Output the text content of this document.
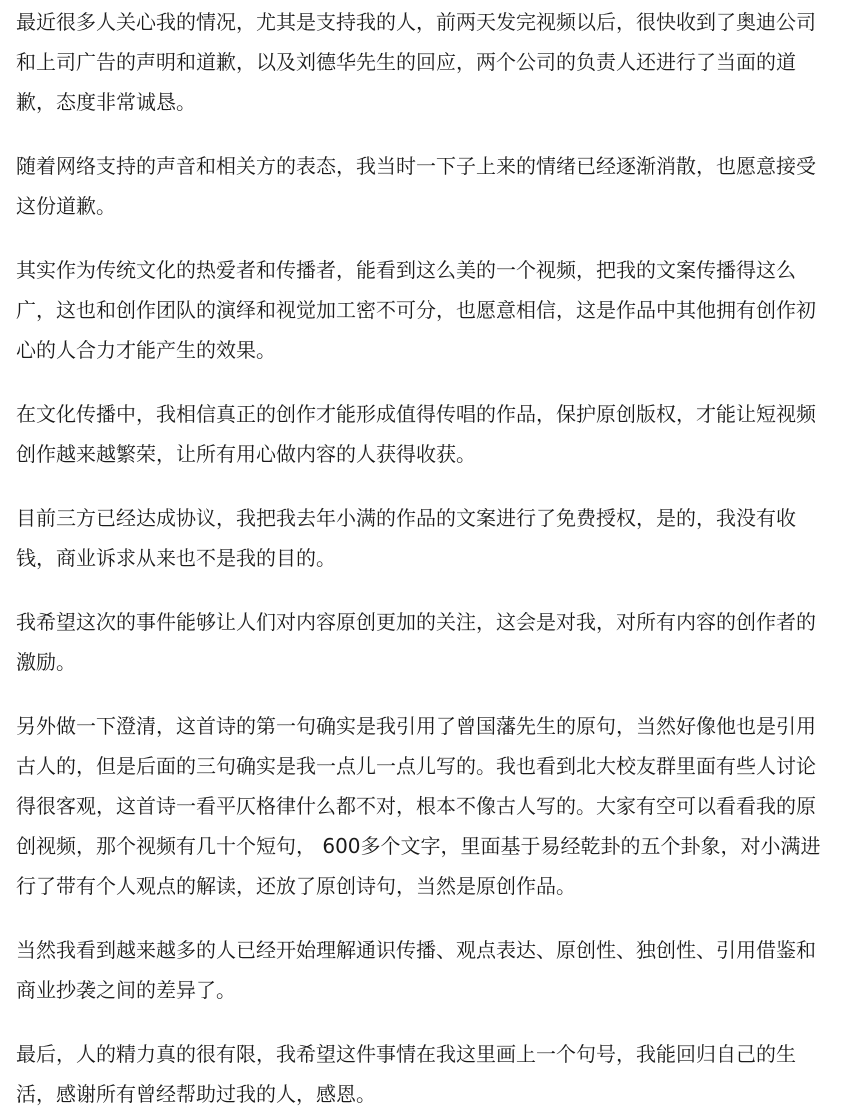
最近很多人关心我的情况，尤其是支持我的人，前两天发完视频以后，很快收到了奥迪公司和上司广告的声明和道歉，以及刘德华先生的回应，两个公司的负责人还进行了当面的道歉，态度非常诚恳。

随着网络支持的声音和相关方的表态，我当时一下子上来的情绪已经逐渐消散，也愿意接受这份道歉。

其实作为传统文化的热爱者和传播者，能看到这么美的一个视频，把我的文案传播得这么广，这也和创作团队的演绎和视觉加工密不可分，也愿意相信，这是作品中其他拥有创作初心的人合力才能产生的效果。

在文化传播中，我相信真正的创作才能形成值得传唱的作品，保护原创版权，才能让短视频创作越来越繁荣，让所有用心做内容的人获得收获。

目前三方已经达成协议，我把我去年小满的作品的文案进行了免费授权，是的，我没有收钱，商业诉求从来也不是我的目的。

我希望这次的事件能够让人们对内容原创更加的关注，这会是对我，对所有内容的创作者的激励。

另外做一下澄清，这首诗的第一句确实是我引用了曾国藩先生的原句，当然好像他也是引用古人的，但是后面的三句确实是我一点儿一点儿写的。我也看到北大校友群里面有些人讨论得很客观，这首诗一看平仄格律什么都不对，根本不像古人写的。大家有空可以看看我的原创视频，那个视频有几十个短句， 600多个文字，里面基于易经乾卦的五个卦象，对小满进行了带有个人观点的解读，还放了原创诗句，当然是原创作品。

当然我看到越来越多的人已经开始理解通识传播、观点表达、原创性、独创性、引用借鉴和商业抄袭之间的差异了。

最后，人的精力真的很有限，我希望这件事情在我这里画上一个句号，我能回归自己的生活，感谢所有曾经帮助过我的人，感恩。
